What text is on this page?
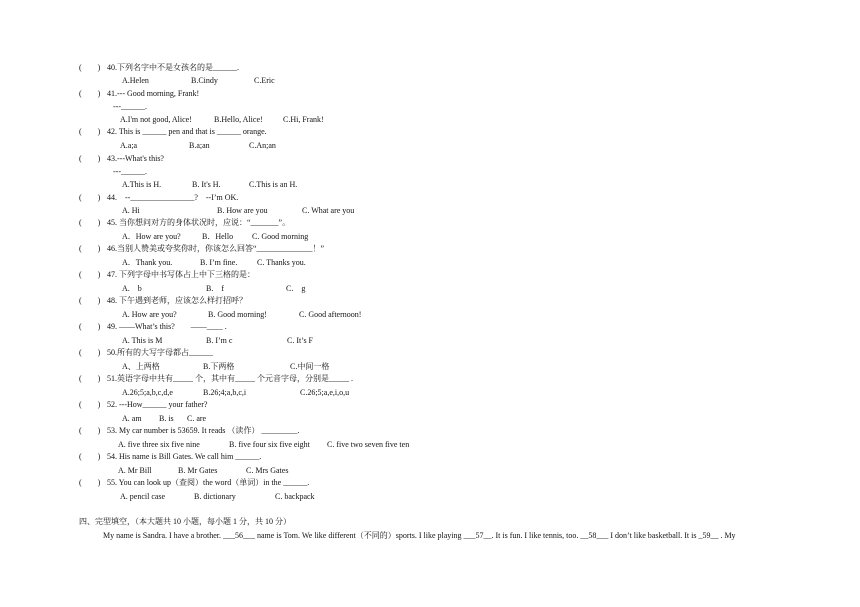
(　　) 40.下列名字中不是女孩名的是______.
A.Helen	B.Cindy	C.Eric
(　　) 41.--- Good morning, Frank!
---______.
A.I'm not good, Alice!	B.Hello, Alice!	C.Hi, Frank!
(　　) 42. This is ______ pen and that is ______ orange.
A.a;a	B.a;an	C.An;an
(　　) 43.---What's this?
---______.
A.This is H.	B. It's H.	C.This is an H.
(　　) 44.　--________________?　--I’m OK.
A. Hi	B. How are you	C. What are you
(　　) 45. 当你想问对方的身体状况时，应说：“_______”。
A．How are you?	B．Hello C. Good morning
(　　) 46.当别人赞美或夸奖你时，你该怎么回答“______________！”
A．Thank you.	B. I’m fine. C. Thanks you.
(　　) 47. 下列字母中书写体占上中下三格的是：
A.　b	B.　f	C.　g
(　　) 48. 下午遇到老师，应该怎么样打招呼？
A. How are you?	B. Good morning!	C. Good afternoon!
(　　) 49. ——What’s this?　　——____ .
A. This is M	B. I’m c	C. It’s F
(　　) 50.所有的大写字母都占______
A、上两格	B.下两格	C.中间一格
(　　) 51.英语字母中共有_____ 个，其中有_____ 个元音字母，分别是_____ .
A.26;5;a,b,c,d,e	B.26;4;a,b,c,i	C.26;5;a,e,i,o,u
(　　) 52. ---How______ your father?
A. am B. is C. are
(　　) 53. My car number is 53659. It reads （读作） _________.
A. five three six five nine	B. five four six five eight C. five two seven five ten
(　　) 54. His name is Bill Gates. We call him ______.
A. Mr Bill	B. Mr Gates	C. Mrs Gates
(　　) 55. You can look up（查阅）the word（单词）in the ______.
A. pencil case	B. dictionary	C. backpack
四、完型填空，（本大题共 10 小题，每小题 1 分，共 10 分）
My name is Sandra. I have a brother. ___56___ name is Tom. We like different（不同的）sports. I like playing ___57__. It is fun. I like tennis, too. __58___ I don’t like basketball. It is _59__ . My
